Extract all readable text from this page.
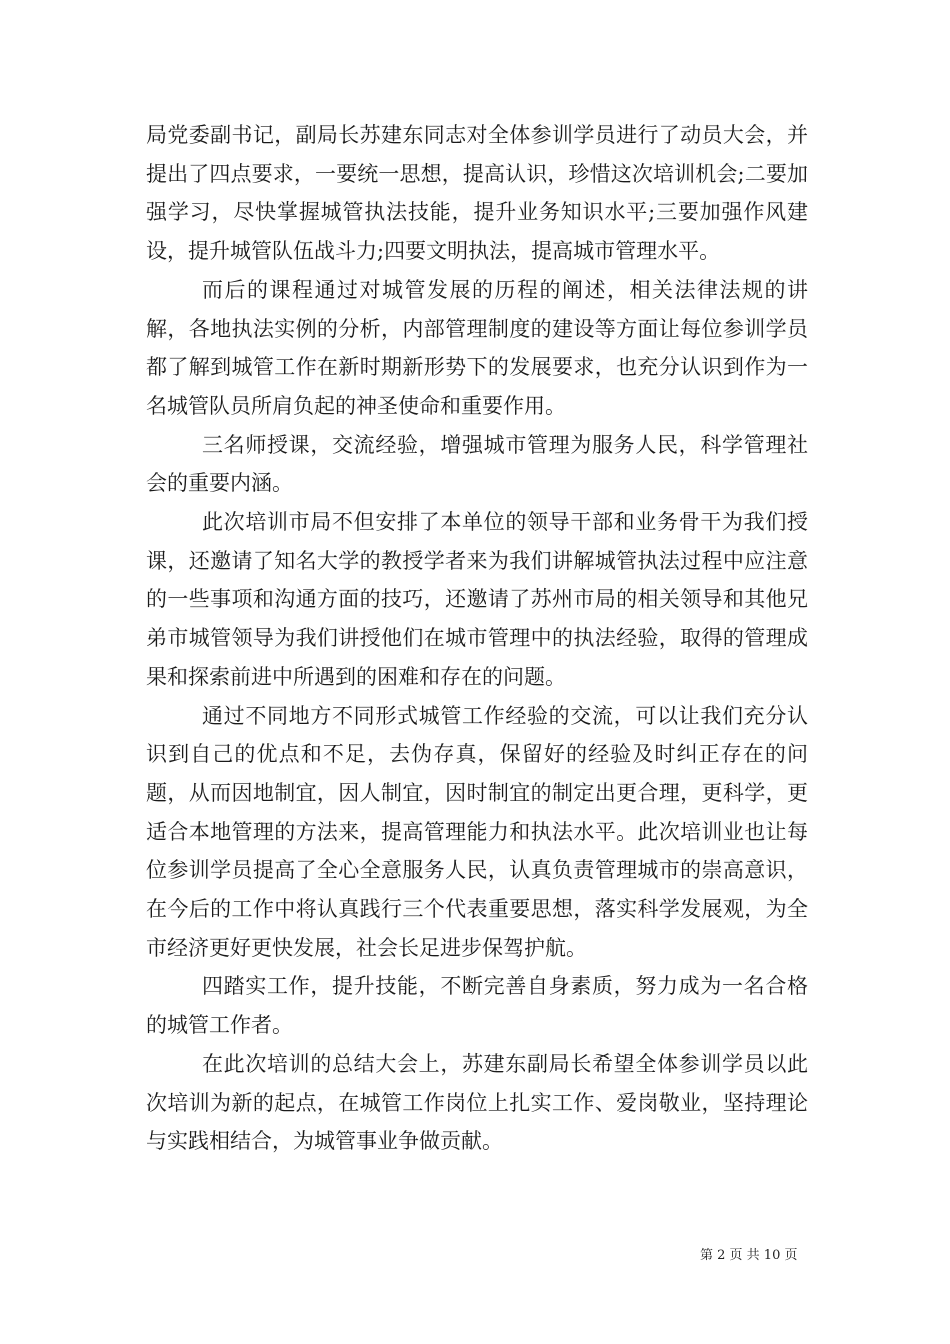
局党委副书记，副局长苏建东同志对全体参训学员进行了动员大会，并提出了四点要求，一要统一思想，提高认识，珍惜这次培训机会;二要加强学习，尽快掌握城管执法技能，提升业务知识水平;三要加强作风建设，提升城管队伍战斗力;四要文明执法，提高城市管理水平。

而后的课程通过对城管发展的历程的阐述，相关法律法规的讲解，各地执法实例的分析，内部管理制度的建设等方面让每位参训学员都了解到城管工作在新时期新形势下的发展要求，也充分认识到作为一名城管队员所肩负起的神圣使命和重要作用。

三名师授课，交流经验，增强城市管理为服务人民，科学管理社会的重要内涵。

此次培训市局不但安排了本单位的领导干部和业务骨干为我们授课，还邀请了知名大学的教授学者来为我们讲解城管执法过程中应注意的一些事项和沟通方面的技巧，还邀请了苏州市局的相关领导和其他兄弟市城管领导为我们讲授他们在城市管理中的执法经验，取得的管理成果和探索前进中所遇到的困难和存在的问题。

通过不同地方不同形式城管工作经验的交流，可以让我们充分认识到自己的优点和不足，去伪存真，保留好的经验及时纠正存在的问题，从而因地制宜，因人制宜，因时制宜的制定出更合理，更科学，更适合本地管理的方法来，提高管理能力和执法水平。此次培训业也让每位参训学员提高了全心全意服务人民，认真负责管理城市的崇高意识，在今后的工作中将认真践行三个代表重要思想，落实科学发展观，为全市经济更好更快发展，社会长足进步保驾护航。

四踏实工作，提升技能，不断完善自身素质，努力成为一名合格的城管工作者。

在此次培训的总结大会上，苏建东副局长希望全体参训学员以此次培训为新的起点，在城管工作岗位上扎实工作、爱岗敬业，坚持理论与实践相结合，为城管事业争做贡献。

第 2 页 共 10 页
